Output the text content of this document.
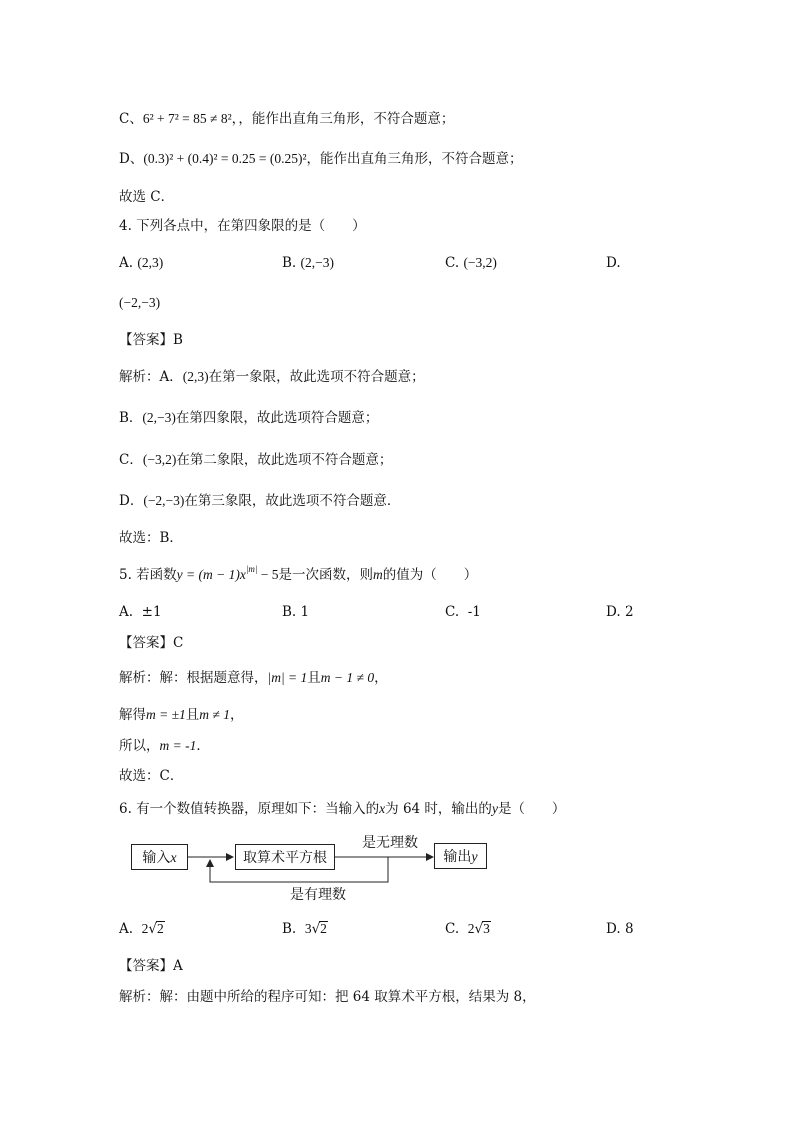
C、6² + 7² = 85 ≠ 8²，，能作出直角三角形，不符合题意；
D、(0.3)² + (0.4)² = 0.25 = (0.25)²，能作出直角三角形，不符合题意；
故选 C．
4. 下列各点中，在第四象限的是（　　）
A. (2,3)	B. (2,−3)	C. (−3,2)	D.
(−2,−3)
【答案】B
解析：A．(2,3)在第一象限，故此选项不符合题意；
B．(2,−3)在第四象限，故此选项符合题意；
C．(−3,2)在第二象限，故此选项不符合题意；
D．(−2,−3)在第三象限，故此选项不符合题意．
故选：B．
5. 若函数$y = (m - 1)x^{|m|} - 5$是一次函数，则m的值为（　　）
A. ±1	B. 1	C. -1	D. 2
【答案】C
解析：解：根据题意得，|m| = 1且m − 1 ≠ 0，
解得m = ±1且m ≠ 1，
所以，m = -1．
故选：C．
6. 有一个数值转换器，原理如下：当输入的x为 64 时，输出的y是（　　）
输入x	取算术平方根	输出y
是无理数
是有理数
A. 2√2	B. 3√2	C. 2√3	D. 8
【答案】A
解析：解：由题中所给的程序可知：把 64 取算术平方根，结果为 8，
